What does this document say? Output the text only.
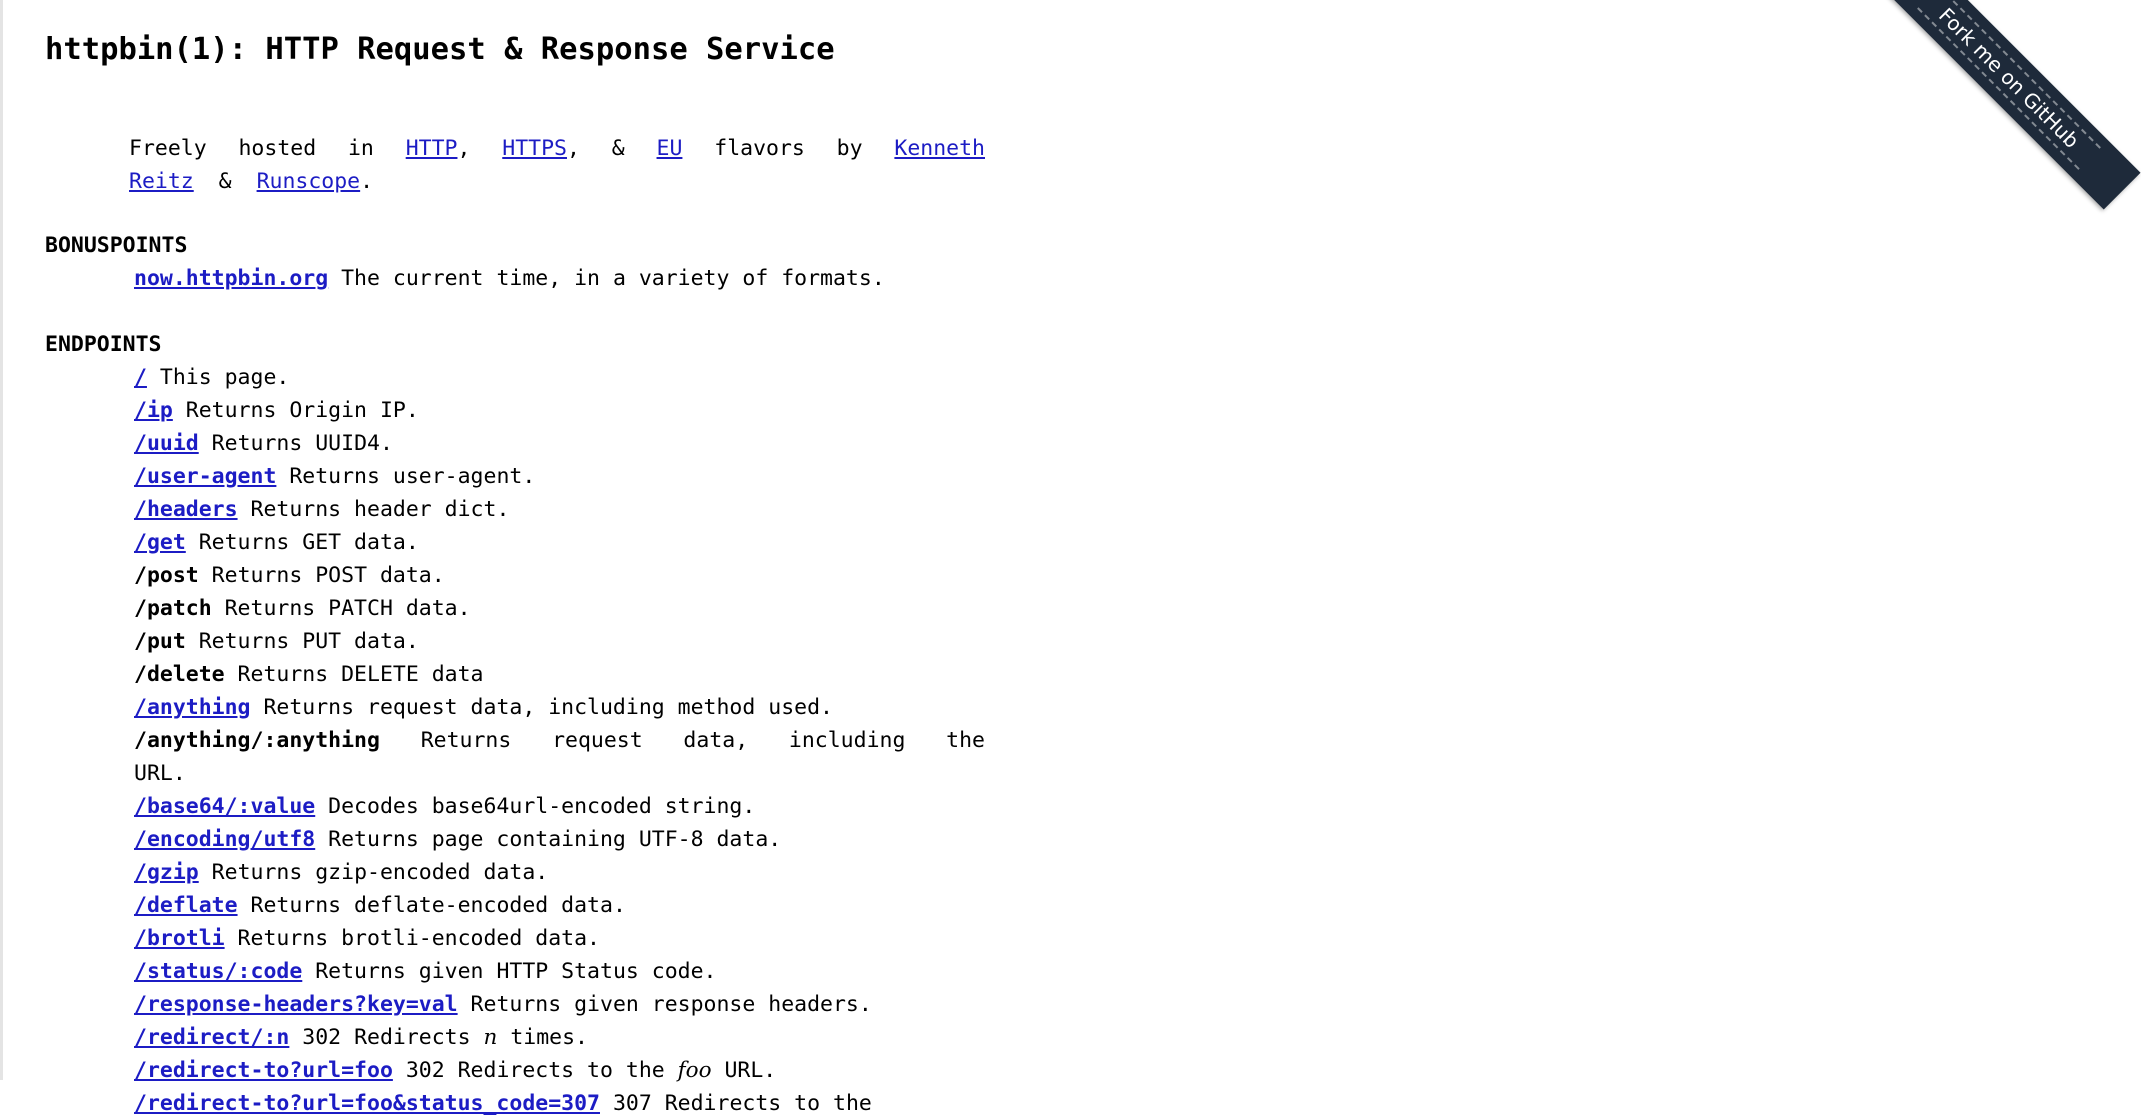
httpbin(1): HTTP Request & Response Service
Freely hosted in HTTP, HTTPS, & EU flavors by Kenneth Reitz & Runscope.
BONUSPOINTS
now.httpbin.org The current time, in a variety of formats.
ENDPOINTS
/ This page.
/ip Returns Origin IP.
/uuid Returns UUID4.
/user-agent Returns user-agent.
/headers Returns header dict.
/get Returns GET data.
/post Returns POST data.
/patch Returns PATCH data.
/put Returns PUT data.
/delete Returns DELETE data
/anything Returns request data, including method used.
/anything/:anything Returns request data, including the URL.
/base64/:value Decodes base64url-encoded string.
/encoding/utf8 Returns page containing UTF-8 data.
/gzip Returns gzip-encoded data.
/deflate Returns deflate-encoded data.
/brotli Returns brotli-encoded data.
/status/:code Returns given HTTP Status code.
/response-headers?key=val Returns given response headers.
/redirect/:n 302 Redirects n times.
/redirect-to?url=foo 302 Redirects to the foo URL.
/redirect-to?url=foo&status_code=307 307 Redirects to the
Fork me on GitHub
